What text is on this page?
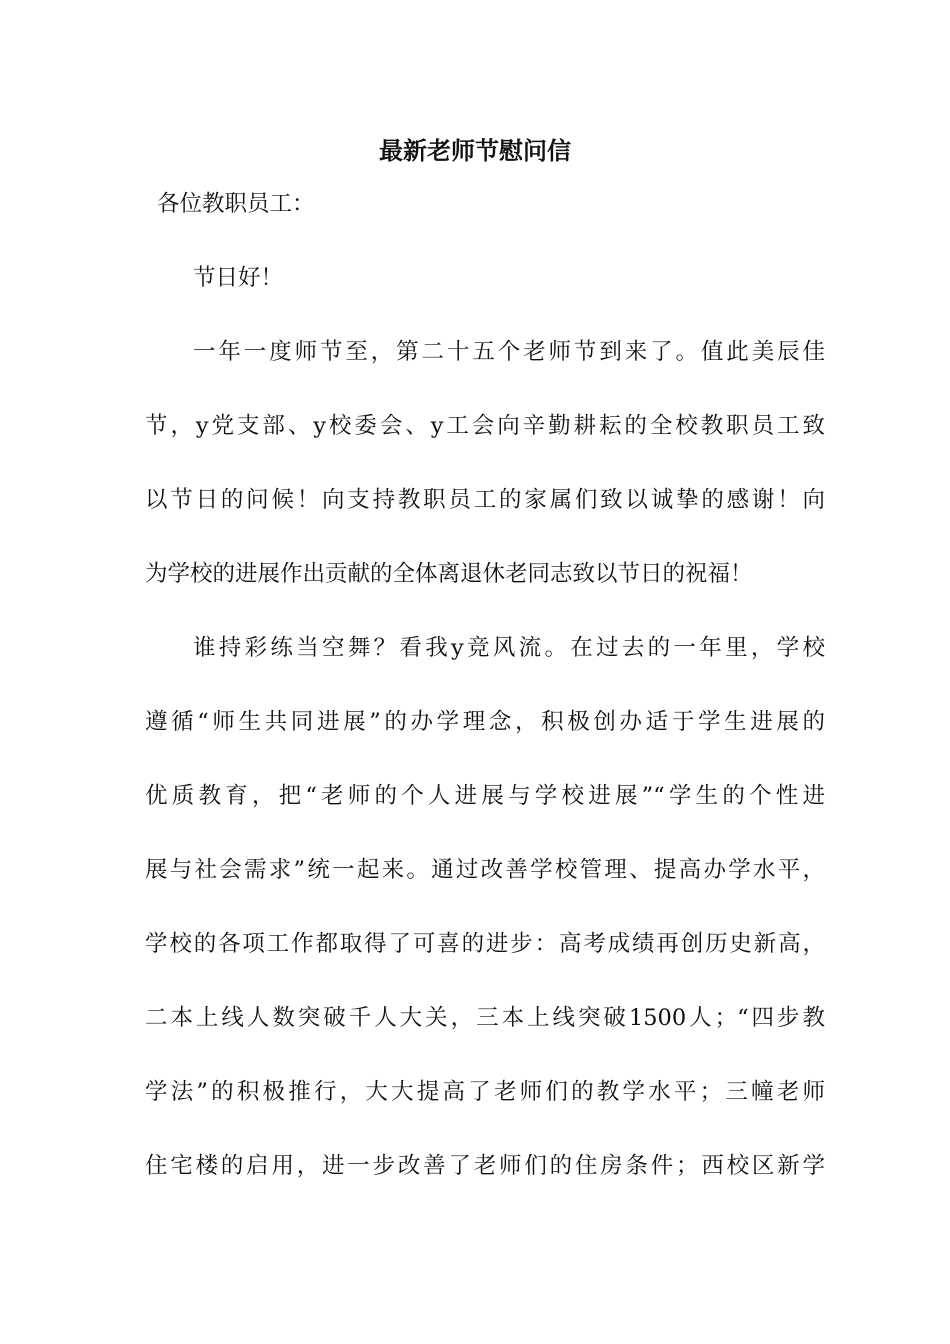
最新老师节慰问信

各位教职员工：

节日好！

一年一度师节至，第二十五个老师节到来了。值此美辰佳

节，y党支部、y校委会、y工会向辛勤耕耘的全校教职员工致

以节日的问候！向支持教职员工的家属们致以诚挚的感谢！向

为学校的进展作出贡献的全体离退休老同志致以节日的祝福！

谁持彩练当空舞？看我y竞风流。在过去的一年里，学校

遵循“师生共同进展”的办学理念，积极创办适于学生进展的

优质教育，把“老师的个人进展与学校进展”“学生的个性进

展与社会需求”统一起来。通过改善学校管理、提高办学水平，

学校的各项工作都取得了可喜的进步：高考成绩再创历史新高，

二本上线人数突破千人大关，三本上线突破1500人；“四步教

学法”的积极推行，大大提高了老师们的教学水平；三幢老师

住宅楼的启用，进一步改善了老师们的住房条件；西校区新学
